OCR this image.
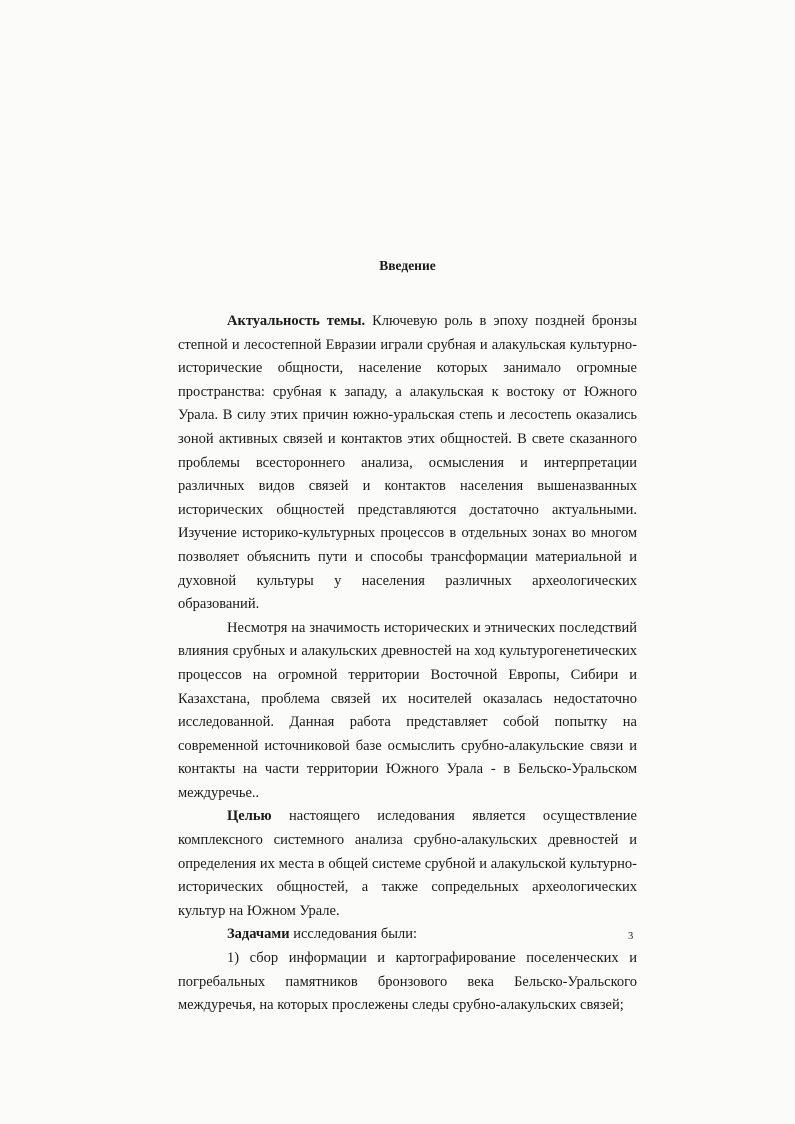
Введение

Актуальность темы. Ключевую роль в эпоху поздней бронзы степной и лесостепной Евразии играли срубная и алакульская культурно-исторические общности, население которых занимало огромные пространства: срубная к западу, а алакульская к востоку от Южного Урала. В силу этих причин южно-уральская степь и лесостепь оказались зоной активных связей и контактов этих общностей. В свете сказанного проблемы всестороннего анализа, осмысления и интерпретации различных видов связей и контактов населения вышеназванных исторических общностей представляются достаточно актуальными. Изучение историко-культурных процессов в отдельных зонах во многом позволяет объяснить пути и способы трансформации материальной и духовной культуры у населения различных археологических образований.

Несмотря на значимость исторических и этнических последствий влияния срубных и алакульских древностей на ход культурогенетических процессов на огромной территории Восточной Европы, Сибири и Казахстана, проблема связей их носителей оказалась недостаточно исследованной. Данная работа представляет собой попытку на современной источниковой базе осмыслить срубно-алакульские связи и контакты на части территории Южного Урала - в Бельско-Уральском междуречье..

Целью настоящего иследования является осуществление комплексного системного анализа срубно-алакульских древностей и определения их места в общей системе срубной и алакульской культурно-исторических общностей, а также сопредельных археологических культур на Южном Урале.

Задачами исследования были:

1) сбор информации и картографирование поселенческих и погребальных памятников бронзового века Бельско-Уральского междуречья, на которых прослежены следы срубно-алакульских связей;

3
